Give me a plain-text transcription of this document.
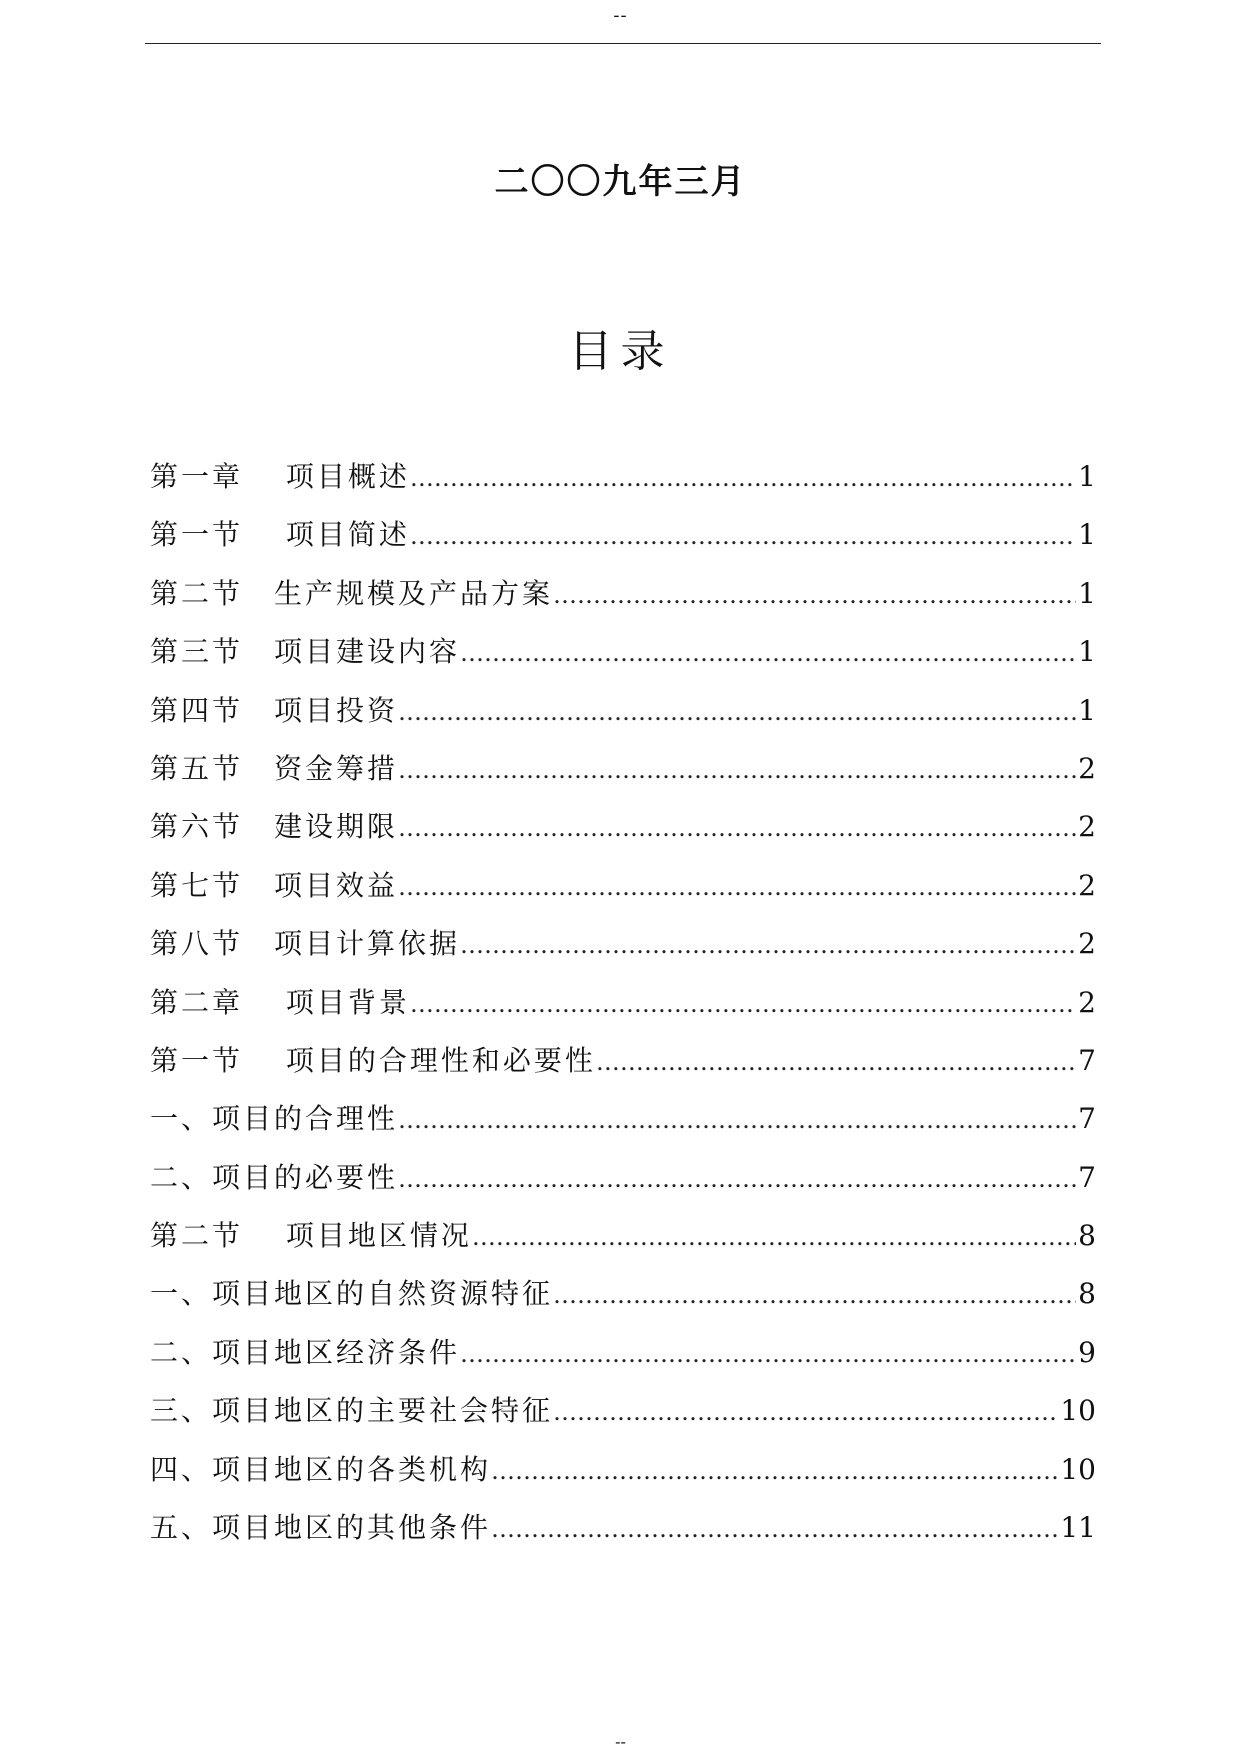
--
二〇〇九年三月
目录
第一章　 项目概述 ………………………………………………………………………………………………………………………………………………	1
第一节　 项目简述 ………………………………………………………………………………………………………………………………………………	1
第二节　生产规模及产品方案 ………………………………………………………………………………………………………………………………………………	1
第三节　项目建设内容 ………………………………………………………………………………………………………………………………………………	1
第四节　项目投资 ………………………………………………………………………………………………………………………………………………	1
第五节　资金筹措 ………………………………………………………………………………………………………………………………………………	2
第六节　建设期限 ………………………………………………………………………………………………………………………………………………	2
第七节　项目效益 ………………………………………………………………………………………………………………………………………………	2
第八节　项目计算依据 ………………………………………………………………………………………………………………………………………………	2
第二章　 项目背景 ………………………………………………………………………………………………………………………………………………	2
第一节　 项目的合理性和必要性 ………………………………………………………………………………………………………………………………………………	7
一、项目的合理性 ………………………………………………………………………………………………………………………………………………	7
二、项目的必要性 ………………………………………………………………………………………………………………………………………………	7
第二节　 项目地区情况 ………………………………………………………………………………………………………………………………………………	8
一、项目地区的自然资源特征 ………………………………………………………………………………………………………………………………………………	8
二、项目地区经济条件 ………………………………………………………………………………………………………………………………………………	9
三、项目地区的主要社会特征 ………………………………………………………………………………………………………………………………………………	10
四、项目地区的各类机构 ………………………………………………………………………………………………………………………………………………	10
五、项目地区的其他条件 ………………………………………………………………………………………………………………………………………………	11
--
